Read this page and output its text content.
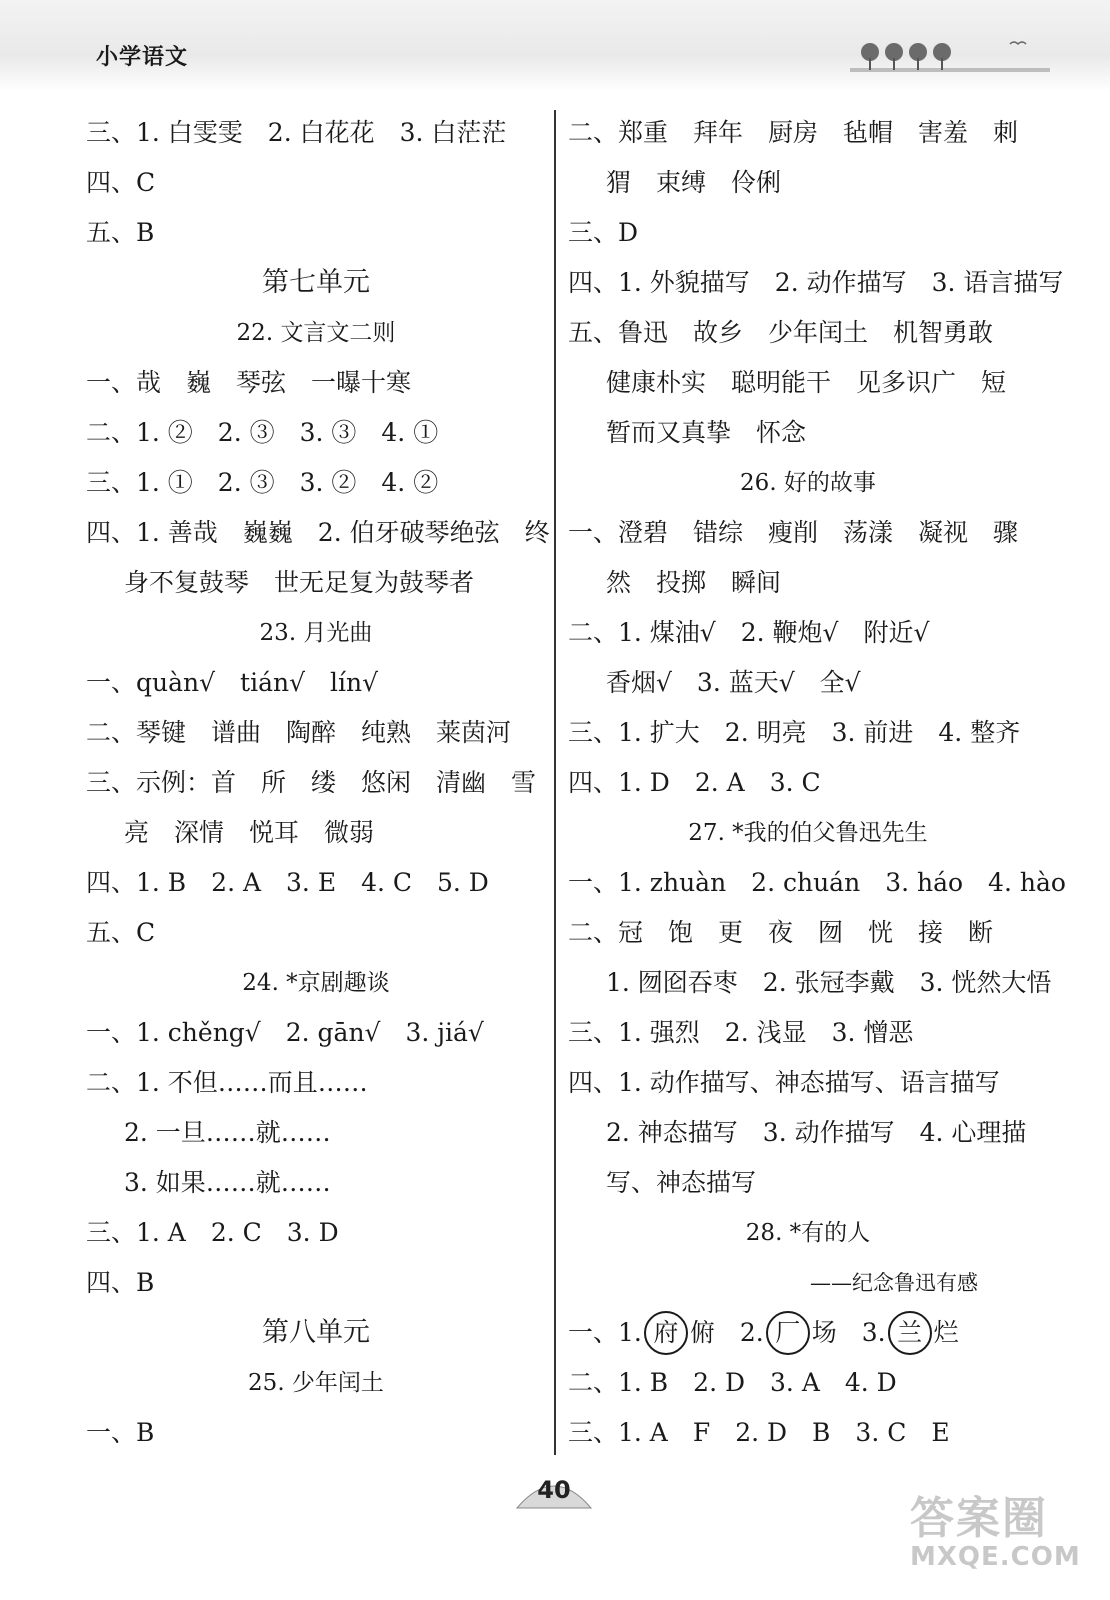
小学语文
三、1. 白雯雯　2. 白花花　3. 白茫茫
四、C
五、B
第七单元
22. 文言文二则
一、哉　巍　琴弦　一曝十寒
二、1. ②　2. ③　3. ③　4. ①
三、1. ①　2. ③　3. ②　4. ②
四、1. 善哉　巍巍　2. 伯牙破琴绝弦　终
身不复鼓琴　世无足复为鼓琴者
23. 月光曲
一、quàn√　tián√　lín√
二、琴键　谱曲　陶醉　纯熟　莱茵河
三、示例：首　所　缕　悠闲　清幽　雪
亮　深情　悦耳　微弱
四、1. B　2. A　3. E　4. C　5. D
五、C
24. *京剧趣谈
一、1. chěng√　2. gān√　3. jiá√
二、1. 不但……而且……
2. 一旦……就……
3. 如果……就……
三、1. A　2. C　3. D
四、B
第八单元
25. 少年闰土
一、B
二、郑重　拜年　厨房　毡帽　害羞　刺
猬　束缚　伶俐
三、D
四、1. 外貌描写　2. 动作描写　3. 语言描写
五、鲁迅　故乡　少年闰土　机智勇敢
健康朴实　聪明能干　见多识广　短
暂而又真挚　怀念
26. 好的故事
一、澄碧　错综　瘦削　荡漾　凝视　骤
然　投掷　瞬间
二、1. 煤油√　2. 鞭炮√　附近√
香烟√　3. 蓝天√　全√
三、1. 扩大　2. 明亮　3. 前进　4. 整齐
四、1. D　2. A　3. C
27. *我的伯父鲁迅先生
一、1. zhuàn　2. chuán　3. háo　4. hào
二、冠　饱　更　夜　囫　恍　接　断
1. 囫囵吞枣　2. 张冠李戴　3. 恍然大悟
三、1. 强烈　2. 浅显　3. 憎恶
四、1. 动作描写、神态描写、语言描写
2. 神态描写　3. 动作描写　4. 心理描
写、神态描写
28. *有的人
——纪念鲁迅有感
一、1. 府 俯　2. 厂 场　3. 兰 烂
二、1. B　2. D　3. A　4. D
三、1. A　F　2. D　B　3. C　E
40
答案圈
MXQE.COM
